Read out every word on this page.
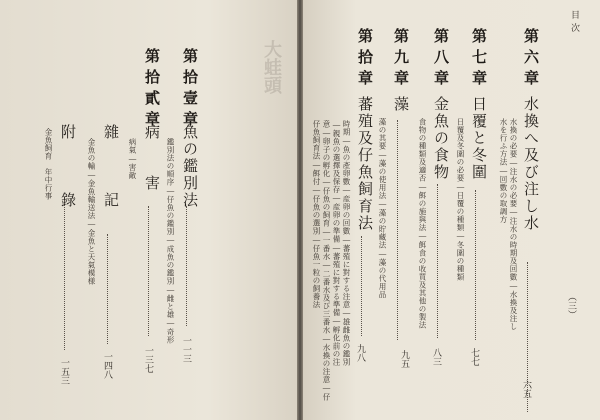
目次
（三）
第六章
水換へ及び注し水
水換の必要―注水の必要―注水の時期及回數―水換及注し
水を行ふ方法―回數の取調方
六五
第七章
日覆と冬圍
日覆及冬圍の必要―日覆の種類―冬圍の種類
七七
第八章
金魚の食物
食物の種類及適否―餌の施與法―餌食の收買及其他の製法
八三
第九章
藻
藻の其要―藻の使用法―藻の貯藏法―藻の代用品
九五
第拾章
蕃殖及仔魚飼育法
時期―魚の產卵數―産卵の回數―蕃殖に對する注意―雄雌魚の鑑別
―親魚の選擇及保存―産卵の準備―蕃殖に對する準備―孵化前の注
意―卵子の孵化―仔魚の飼育―一番水―二番水及び三番水―水換の注意―仔
仔魚飼育法―餌付―仔魚の選別―仔魚一粒の飼養法
九八
大蛙頭
第拾壹章
魚の鑑別法
鑑別法の順序―仔魚の鑑別―成魚の鑑別―雌と雄―奇形
一一三
第拾貳章
病　　害
病氣―害敵
一三七
雜　　　記
金魚の輸―金魚輸送法―金魚と天氣模様
一四八
附　　　錄
金魚飼育　年中行事
一五三
